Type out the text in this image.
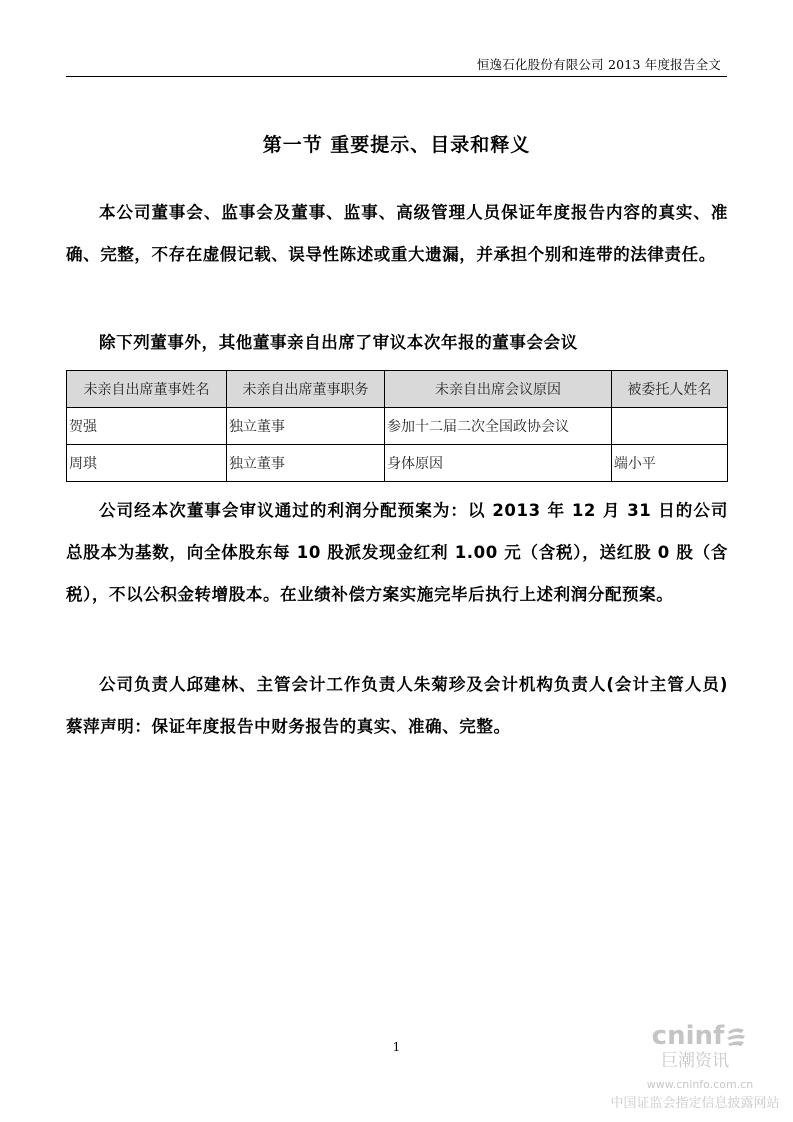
恒逸石化股份有限公司 2013 年度报告全文
第一节 重要提示、目录和释义
本公司董事会、监事会及董事、监事、高级管理人员保证年度报告内容的真实、准确、完整，不存在虚假记载、误导性陈述或重大遗漏，并承担个别和连带的法律责任。
除下列董事外，其他董事亲自出席了审议本次年报的董事会会议
未亲自出席董事姓名	未亲自出席董事职务	未亲自出席会议原因	被委托人姓名
贺强	独立董事	参加十二届二次全国政协会议	
周琪	独立董事	身体原因	端小平
公司经本次董事会审议通过的利润分配预案为：以 2013 年 12 月 31 日的公司总股本为基数，向全体股东每 10 股派发现金红利 1.00 元（含税），送红股 0 股（含税），不以公积金转增股本。在业绩补偿方案实施完毕后执行上述利润分配预案。
公司负责人邱建林、主管会计工作负责人朱菊珍及会计机构负责人(会计主管人员)蔡萍声明：保证年度报告中财务报告的真实、准确、完整。
1	cninf
巨潮资讯
www.cninfo.com.cn
中国证监会指定信息披露网站
